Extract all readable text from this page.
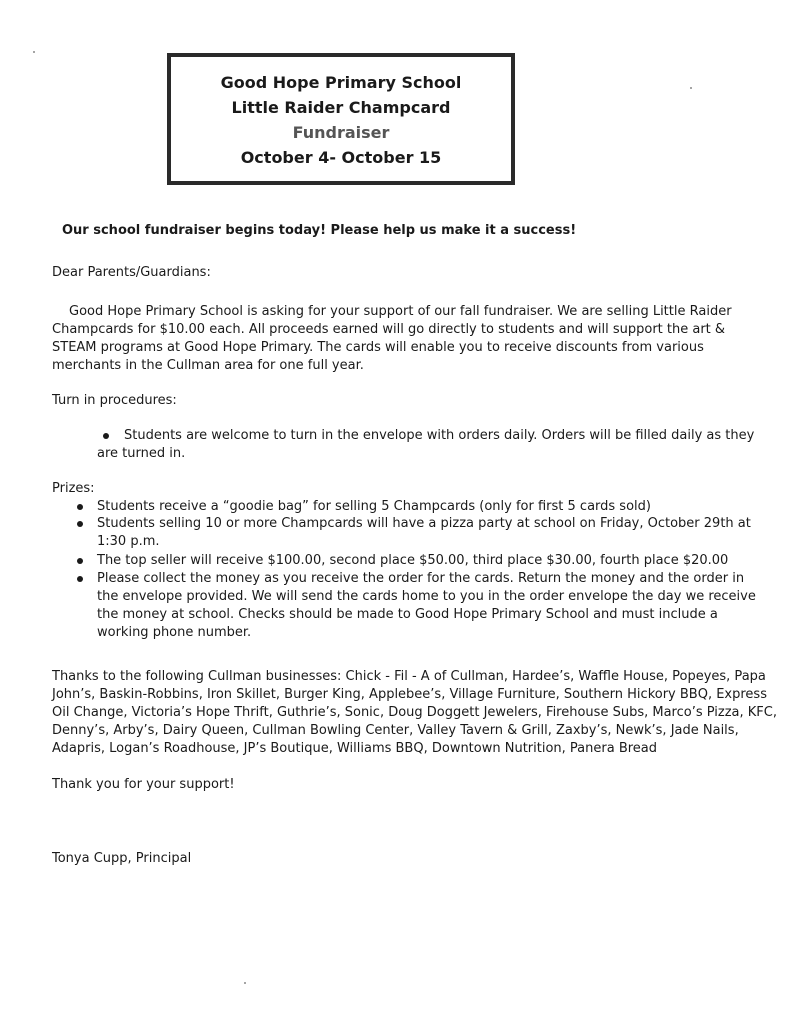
Good Hope Primary School
Little Raider Champcard
Fundraiser
October 4- October 15
Our school fundraiser begins today! Please help us make it a success!
Dear Parents/Guardians:
Good Hope Primary School is asking for your support of our fall fundraiser. We are selling Little Raider
Champcards for $10.00 each. All proceeds earned will go directly to students and will support the art &
STEAM programs at Good Hope Primary. The cards will enable you to receive discounts from various
merchants in the Cullman area for one full year.
Turn in procedures:
Students are welcome to turn in the envelope with orders daily. Orders will be filled daily as they
are turned in.
Prizes:
Students receive a “goodie bag” for selling 5 Champcards (only for first 5 cards sold)
Students selling 10 or more Champcards will have a pizza party at school on Friday, October 29th at
1:30 p.m.
The top seller will receive $100.00, second place $50.00, third place $30.00, fourth place $20.00
Please collect the money as you receive the order for the cards. Return the money and the order in
the envelope provided. We will send the cards home to you in the order envelope the day we receive
the money at school. Checks should be made to Good Hope Primary School and must include a
working phone number.
Thanks to the following Cullman businesses: Chick - Fil - A of Cullman, Hardee’s, Waffle House, Popeyes, Papa
John’s, Baskin-Robbins, Iron Skillet, Burger King, Applebee’s, Village Furniture, Southern Hickory BBQ, Express
Oil Change, Victoria’s Hope Thrift, Guthrie’s, Sonic, Doug Doggett Jewelers, Firehouse Subs, Marco’s Pizza, KFC,
Denny’s, Arby’s, Dairy Queen, Cullman Bowling Center, Valley Tavern & Grill, Zaxby’s, Newk’s, Jade Nails,
Adapris, Logan’s Roadhouse, JP’s Boutique, Williams BBQ, Downtown Nutrition, Panera Bread
Thank you for your support!
Tonya Cupp, Principal
